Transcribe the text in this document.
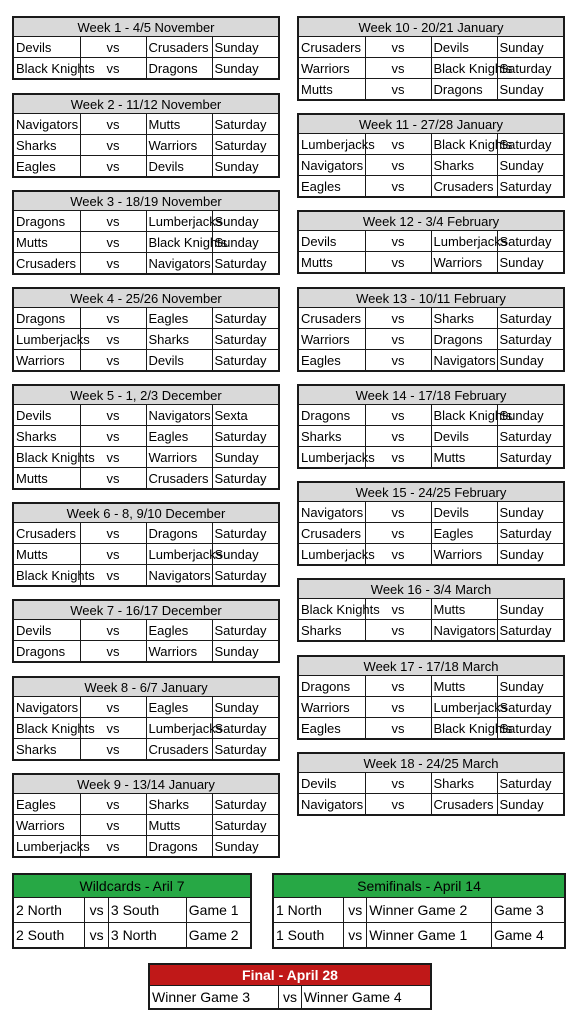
Week 1 - 4/5 November			
Devils	vs	Crusaders	Sunday
Black Knights	vs	Dragons	Sunday
Week 2 - 11/12 November			
Navigators	vs	Mutts	Saturday
Sharks	vs	Warriors	Saturday
Eagles	vs	Devils	Sunday
Week 3 - 18/19 November			
Dragons	vs	Lumberjacks	Sunday
Mutts	vs	Black Knights	Sunday
Crusaders	vs	Navigators	Saturday
Week 4 - 25/26 November			
Dragons	vs	Eagles	Saturday
Lumberjacks	vs	Sharks	Saturday
Warriors	vs	Devils	Saturday
Week 5 - 1, 2/3 December			
Devils	vs	Navigators	Sexta
Sharks	vs	Eagles	Saturday
Black Knights	vs	Warriors	Sunday
Mutts	vs	Crusaders	Saturday
Week 6 - 8, 9/10 December			
Crusaders	vs	Dragons	Saturday
Mutts	vs	Lumberjacks	Sunday
Black Knights	vs	Navigators	Saturday
Week 7 - 16/17 December			
Devils	vs	Eagles	Saturday
Dragons	vs	Warriors	Sunday
Week 8 - 6/7 January			
Navigators	vs	Eagles	Sunday
Black Knights	vs	Lumberjacks	Saturday
Sharks	vs	Crusaders	Saturday
Week 9 - 13/14 January			
Eagles	vs	Sharks	Saturday
Warriors	vs	Mutts	Saturday
Lumberjacks	vs	Dragons	Sunday
Week 10 - 20/21 January			
Crusaders	vs	Devils	Sunday
Warriors	vs	Black Knights	Saturday
Mutts	vs	Dragons	Sunday
Week 11 - 27/28 January			
Lumberjacks	vs	Black Knights	Saturday
Navigators	vs	Sharks	Sunday
Eagles	vs	Crusaders	Saturday
Week 12 - 3/4 February			
Devils	vs	Lumberjacks	Saturday
Mutts	vs	Warriors	Sunday
Week 13 - 10/11 February			
Crusaders	vs	Sharks	Saturday
Warriors	vs	Dragons	Saturday
Eagles	vs	Navigators	Sunday
Week 14 - 17/18 February			
Dragons	vs	Black Knights	Sunday
Sharks	vs	Devils	Saturday
Lumberjacks	vs	Mutts	Saturday
Week 15 - 24/25 February			
Navigators	vs	Devils	Sunday
Crusaders	vs	Eagles	Saturday
Lumberjacks	vs	Warriors	Sunday
Week 16 - 3/4 March			
Black Knights	vs	Mutts	Sunday
Sharks	vs	Navigators	Saturday
Week 17 - 17/18 March			
Dragons	vs	Mutts	Sunday
Warriors	vs	Lumberjacks	Saturday
Eagles	vs	Black Knights	Saturday
Week 18 - 24/25 March			
Devils	vs	Sharks	Saturday
Navigators	vs	Crusaders	Sunday
Wildcards - Aril 7			
2 North	vs	3 South	Game 1
2 South	vs	3 North	Game 2
Semifinals - April 14			
1 North	vs	Winner Game 2	Game 3
1 South	vs	Winner Game 1	Game 4
Final - April 28
Winner Game 3	vs	Winner Game 4
